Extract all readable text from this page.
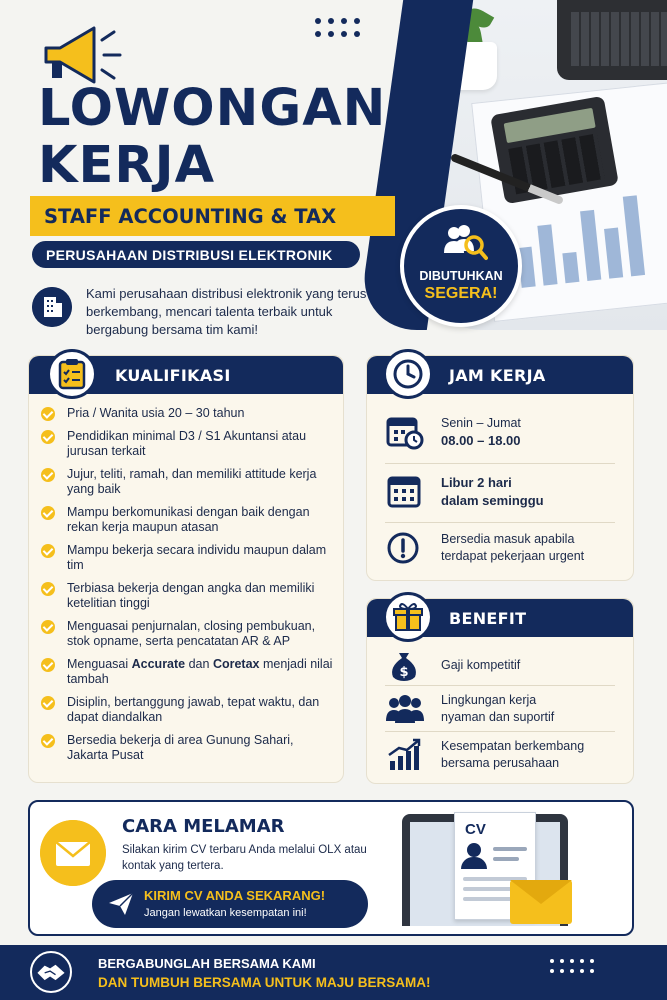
LOWONGAN
KERJA
STAFF ACCOUNTING & TAX
PERUSAHAAN DISTRIBUSI ELEKTRONIK

Kami perusahaan distribusi elektronik yang terus berkembang, mencari talenta terbaik untuk bergabung bersama tim kami!

DIBUTUHKAN
SEGERA!
KUALIFIKASI
Pria / Wanita usia 20 – 30 tahun
Pendidikan minimal D3 / S1 Akuntansi atau jurusan terkait
Jujur, teliti, ramah, dan memiliki attitude kerja yang baik
Mampu berkomunikasi dengan baik dengan rekan kerja maupun atasan
Mampu bekerja secara individu maupun dalam tim
Terbiasa bekerja dengan angka dan memiliki ketelitian tinggi
Menguasai penjurnalan, closing pembukuan, stok opname, serta pencatatan AR & AP
Menguasai Accurate dan Coretax menjadi nilai tambah
Disiplin, bertanggung jawab, tepat waktu, dan dapat diandalkan
Bersedia bekerja di area Gunung Sahari, Jakarta Pusat
JAM KERJA
Senin – Jumat
08.00 – 18.00
Libur 2 hari
dalam seminggu
Bersedia masuk apabila terdapat pekerjaan urgent
BENEFIT
$
Gaji kompetitif
Lingkungan kerja nyaman dan suportif
Kesempatan berkembang bersama perusahaan
CARA MELAMAR
Silakan kirim CV terbaru Anda melalui OLX atau kontak yang tertera.
KIRIM CV ANDA SEKARANG!
Jangan lewatkan kesempatan ini!
CV
BERGABUNGLAH BERSAMA KAMI
DAN TUMBUH BERSAMA UNTUK MAJU BERSAMA!
